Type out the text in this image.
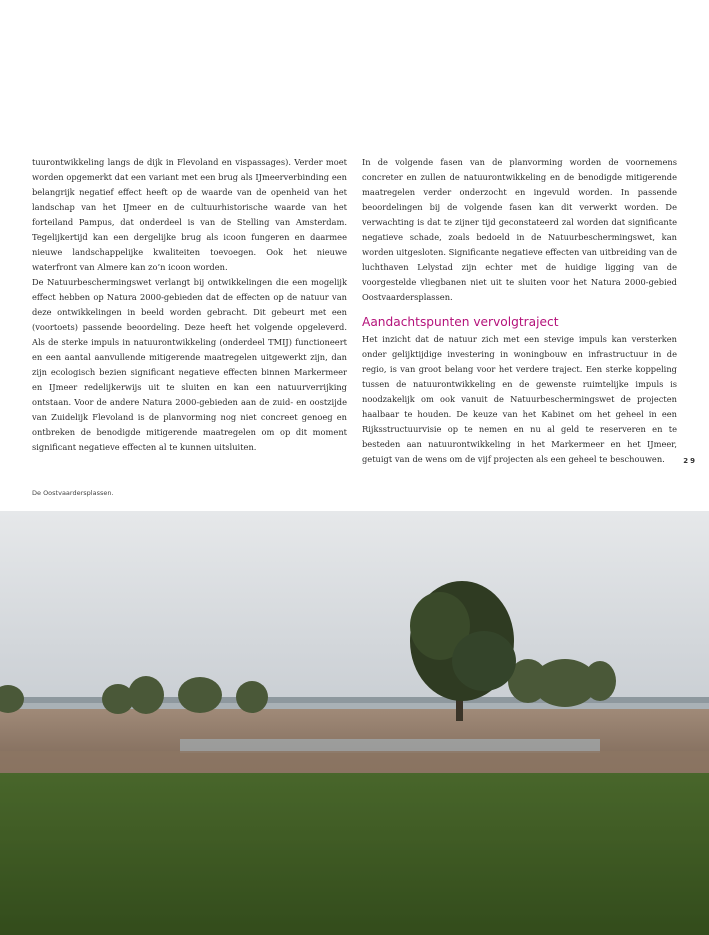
tuurontwikkeling langs de dijk in Flevoland en vispassages). Verder moet worden opgemerkt dat een variant met een brug als IJmeerverbinding een belangrijk negatief effect heeft op de waarde van de openheid van het landschap van het IJmeer en de cultuurhistorische waarde van het forteiland Pampus, dat onderdeel is van de Stelling van Amsterdam. Tegelijkertijd kan een dergelijke brug als icoon fungeren en daarmee nieuwe landschappelijke kwaliteiten toevoegen. Ook het nieuwe waterfront van Almere kan zo’n icoon worden.

De Natuurbeschermingswet verlangt bij ontwikkelingen die een mogelijk effect hebben op Natura 2000-gebieden dat de effecten op de natuur van deze ontwikkelingen in beeld worden gebracht. Dit gebeurt met een (voortoets) passende beoordeling. Deze heeft het volgende opgeleverd. Als de sterke impuls in natuurontwikkeling (onderdeel TMIJ) functioneert en een aantal aanvullende mitigerende maatregelen uitgewerkt zijn, dan zijn ecologisch bezien significant negatieve effecten binnen Markermeer en IJmeer redelijkerwijs uit te sluiten en kan een natuurverrijking ontstaan. Voor de andere Natura 2000-gebieden aan de zuid- en oostzijde van Zuidelijk Flevoland is de planvorming nog niet concreet genoeg en ontbreken de benodigde mitigerende maatregelen om op dit moment significant negatieve effecten al te kunnen uitsluiten.

In de volgende fasen van de planvorming worden de voornemens concreter en zullen de natuurontwikkeling en de benodigde mitigerende maatregelen verder onderzocht en ingevuld worden. In passende beoordelingen bij de volgende fasen kan dit verwerkt worden. De verwachting is dat te zijner tijd geconstateerd zal worden dat significante negatieve schade, zoals bedoeld in de Natuurbeschermingswet, kan worden uitgesloten. Significante negatieve effecten van uitbreiding van de luchthaven Lelystad zijn echter met de huidige ligging van de voorgestelde vliegbanen niet uit te sluiten voor het Natura 2000-gebied Oostvaardersplassen.

Aandachtspunten vervolgtraject

Het inzicht dat de natuur zich met een stevige impuls kan versterken onder gelijktijdige investering in woningbouw en infrastructuur in de regio, is van groot belang voor het verdere traject. Een sterke koppeling tussen de natuurontwikkeling en de gewenste ruimtelijke impuls is noodzakelijk om ook vanuit de Natuurbeschermingswet de projecten haalbaar te houden. De keuze van het Kabinet om het geheel in een Rijksstructuurvisie op te nemen en nu al geld te reserveren en te besteden aan natuurontwikkeling in het Markermeer en het IJmeer, getuigt van de wens om de vijf projecten als een geheel te beschouwen.	29
De Oostvaardersplassen.
